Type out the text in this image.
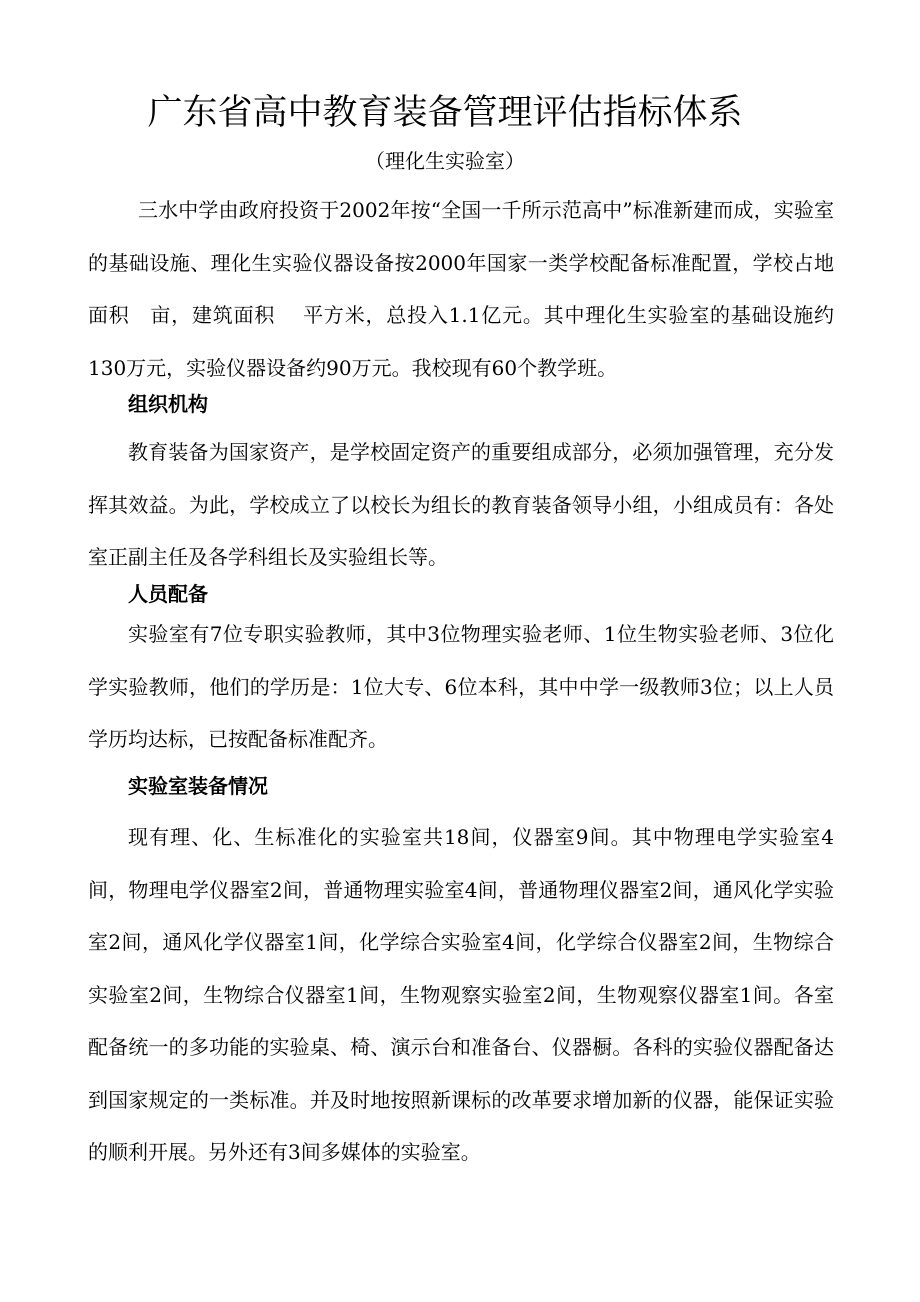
广东省高中教育装备管理评估指标体系
（理化生实验室）
三水中学由政府投资于2002年按“全国一千所示范高中”标准新建而成，实验室的基础设施、理化生实验仪器设备按2000年国家一类学校配备标准配置，学校占地面积　亩，建筑面积　 平方米，总投入1.1亿元。其中理化生实验室的基础设施约130万元，实验仪器设备约90万元。我校现有60个教学班。
组织机构
教育装备为国家资产，是学校固定资产的重要组成部分，必须加强管理，充分发挥其效益。为此，学校成立了以校长为组长的教育装备领导小组，小组成员有：各处室正副主任及各学科组长及实验组长等。
人员配备
实验室有7位专职实验教师，其中3位物理实验老师、1位生物实验老师、3位化学实验教师，他们的学历是：1位大专、6位本科，其中中学一级教师3位；以上人员学历均达标，已按配备标准配齐。
实验室装备情况
现有理、化、生标准化的实验室共18间，仪器室9间。其中物理电学实验室4间，物理电学仪器室2间，普通物理实验室4间，普通物理仪器室2间，通风化学实验室2间，通风化学仪器室1间，化学综合实验室4间，化学综合仪器室2间，生物综合实验室2间，生物综合仪器室1间，生物观察实验室2间，生物观察仪器室1间。各室配备统一的多功能的实验桌、椅、演示台和准备台、仪器橱。各科的实验仪器配备达到国家规定的一类标准。并及时地按照新课标的改革要求增加新的仪器，能保证实验的顺利开展。另外还有3间多媒体的实验室。
